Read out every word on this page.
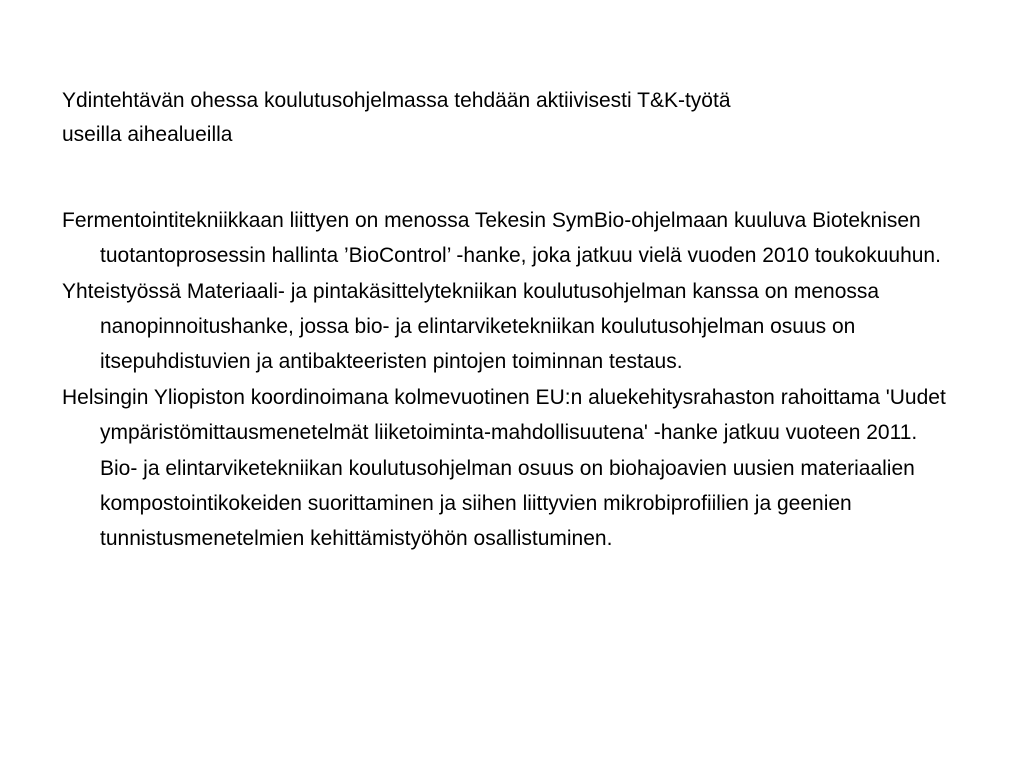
Ydintehtävän ohessa koulutusohjelmassa tehdään aktiivisesti T&K-työtä
useilla aihealueilla

Fermentointitekniikkaan liittyen on menossa Tekesin SymBio-ohjelmaan kuuluva Bioteknisen tuotantoprosessin hallinta ’BioControl’ -hanke, joka jatkuu vielä vuoden 2010 toukokuuhun.
Yhteistyössä Materiaali- ja pintakäsittelytekniikan koulutusohjelman kanssa on menossa nanopinnoitushanke, jossa bio- ja elintarviketekniikan koulutusohjelman osuus on itsepuhdistuvien ja antibakteeristen pintojen toiminnan testaus.
Helsingin Yliopiston koordinoimana kolmevuotinen EU:n aluekehitysrahaston rahoittama 'Uudet ympäristömittausmenetelmät liiketoiminta-mahdollisuutena' -hanke jatkuu vuoteen 2011.
Bio- ja elintarviketekniikan koulutusohjelman osuus on biohajoavien uusien materiaalien kompostointikokeiden suorittaminen ja siihen liittyvien mikrobiprofiilien ja geenien tunnistusmenetelmien kehittämistyöhön osallistuminen.
